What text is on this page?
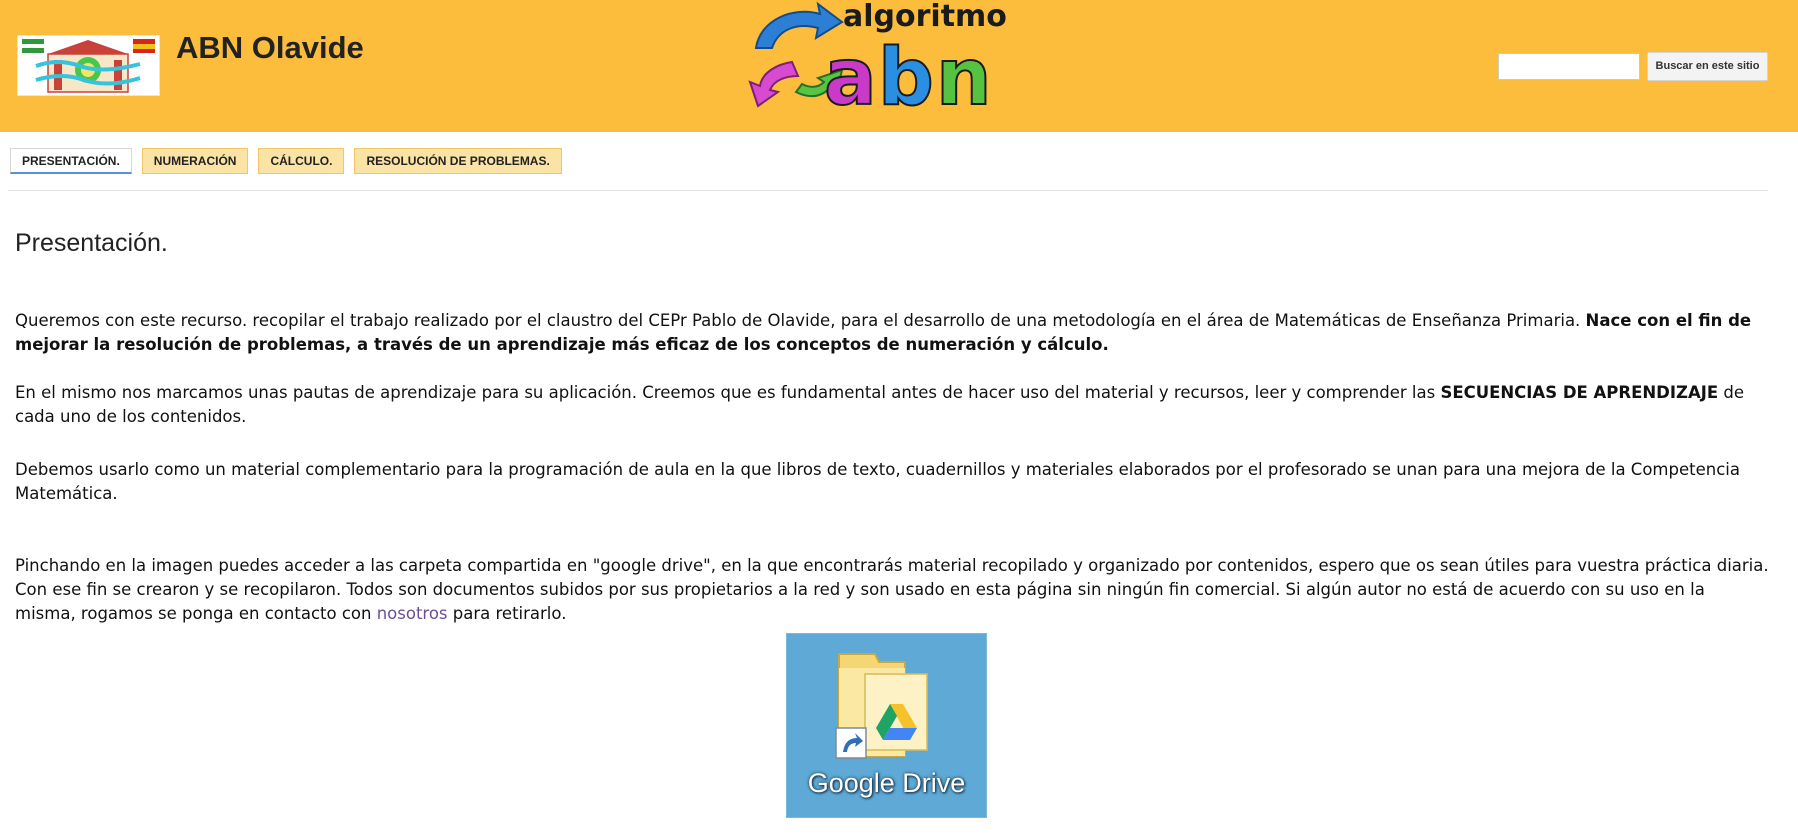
ABN Olavide
algoritmo
a b n	Buscar en este sitio
PRESENTACIÓN.	NUMERACIÓN	CÁLCULO.	RESOLUCIÓN DE PROBLEMAS.
Presentación.

Queremos con este recurso. recopilar el trabajo realizado por el claustro del CEPr Pablo de Olavide, para el desarrollo de una metodología en el área de Matemáticas de Enseñanza Primaria. Nace con el fin de mejorar la resolución de problemas, a través de un aprendizaje más eficaz de los conceptos de numeración y cálculo.

En el mismo nos marcamos unas pautas de aprendizaje para su aplicación. Creemos que es fundamental antes de hacer uso del material y recursos, leer y comprender las SECUENCIAS DE APRENDIZAJE de cada uno de los contenidos.

Debemos usarlo como un material complementario para la programación de aula en la que libros de texto, cuadernillos y materiales elaborados por el profesorado se unan para una mejora de la Competencia Matemática.

Pinchando en la imagen puedes acceder a las carpeta compartida en "google drive", en la que encontrarás material recopilado y organizado por contenidos, espero que os sean útiles para vuestra práctica diaria. Con ese fin se crearon y se recopilaron. Todos son documentos subidos por sus propietarios a la red y son usado en esta página sin ningún fin comercial. Si algún autor no está de acuerdo con su uso en la misma, rogamos se ponga en contacto con nosotros para retirarlo.

Google Drive
